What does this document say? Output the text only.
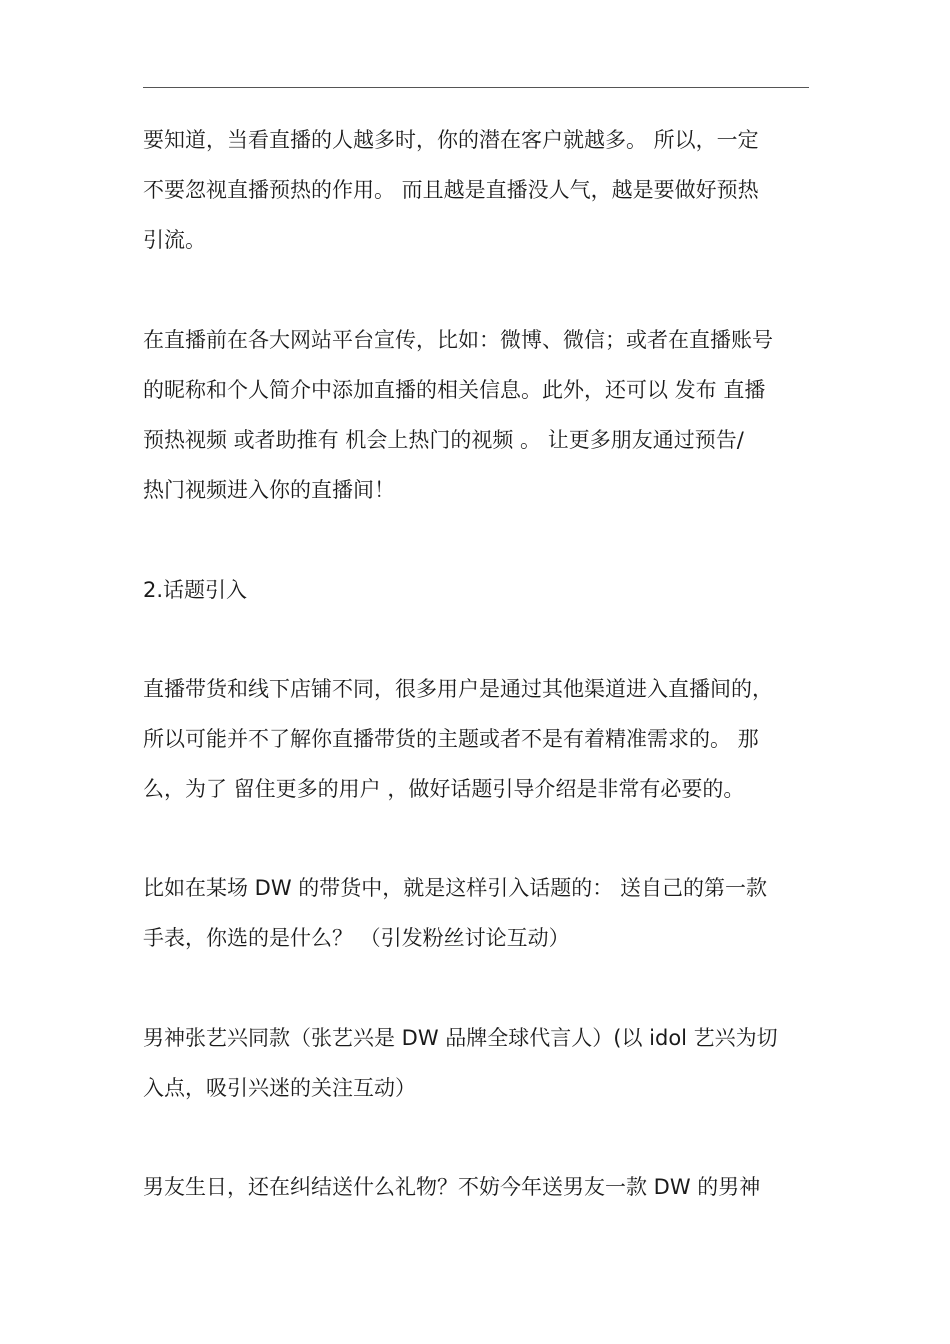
要知道，当看直播的人越多时，你的潜在客户就越多。 所以，一定
不要忽视直播预热的作用。 而且越是直播没人气，越是要做好预热
引流。
在直播前在各大网站平台宣传，比如：微博、微信；或者在直播账号
的昵称和个人简介中添加直播的相关信息。此外，还可以 发布 直播
预热视频 或者助推有 机会上热门的视频 。 让更多朋友通过预告/
热门视频进入你的直播间！
2.话题引入
直播带货和线下店铺不同，很多用户是通过其他渠道进入直播间的，
所以可能并不了解你直播带货的主题或者不是有着精准需求的。 那
么，为了 留住更多的用户 ，做好话题引导介绍是非常有必要的。
比如在某场 DW 的带货中，就是这样引入话题的： 送自己的第一款
手表，你选的是什么？ （引发粉丝讨论互动）
男神张艺兴同款（张艺兴是 DW 品牌全球代言人）(以 idol 艺兴为切
入点，吸引兴迷的关注互动）
男友生日，还在纠结送什么礼物？不妨今年送男友一款 DW 的男神
